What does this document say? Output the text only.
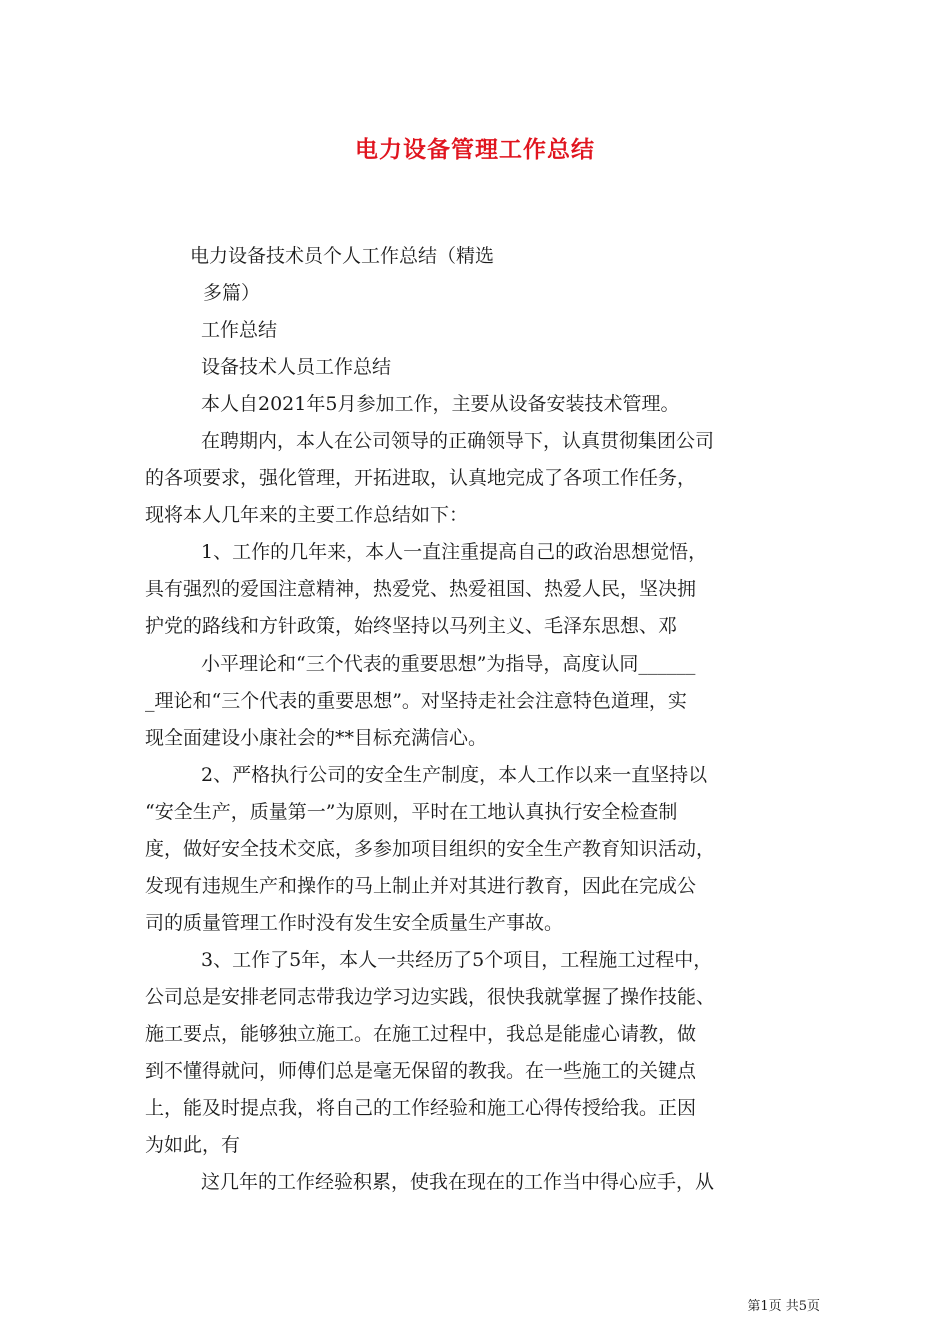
电力设备管理工作总结
电力设备技术员个人工作总结（精选
多篇）
工作总结
设备技术人员工作总结
本人自2021年5月参加工作，主要从设备安装技术管理。
在聘期内，本人在公司领导的正确领导下，认真贯彻集团公司
的各项要求，强化管理，开拓进取，认真地完成了各项工作任务，
现将本人几年来的主要工作总结如下：
1、工作的几年来，本人一直注重提高自己的政治思想觉悟，
具有强烈的爱国注意精神，热爱党、热爱祖国、热爱人民，坚决拥
护党的路线和方针政策，始终坚持以马列主义、毛泽东思想、邓
小平理论和“三个代表的重要思想”为指导，高度认同______
_理论和“三个代表的重要思想”。对坚持走社会注意特色道理，实
现全面建设小康社会的**目标充满信心。
2、严格执行公司的安全生产制度，本人工作以来一直坚持以
“安全生产，质量第一”为原则，平时在工地认真执行安全检查制
度，做好安全技术交底，多参加项目组织的安全生产教育知识活动，
发现有违规生产和操作的马上制止并对其进行教育，因此在完成公
司的质量管理工作时没有发生安全质量生产事故。
3、工作了5年，本人一共经历了5个项目，工程施工过程中，
公司总是安排老同志带我边学习边实践，很快我就掌握了操作技能、
施工要点，能够独立施工。在施工过程中，我总是能虚心请教，做
到不懂得就问，师傅们总是毫无保留的教我。在一些施工的关键点
上，能及时提点我，将自己的工作经验和施工心得传授给我。正因
为如此，有
这几年的工作经验积累，使我在现在的工作当中得心应手，从
第1页 共5页
